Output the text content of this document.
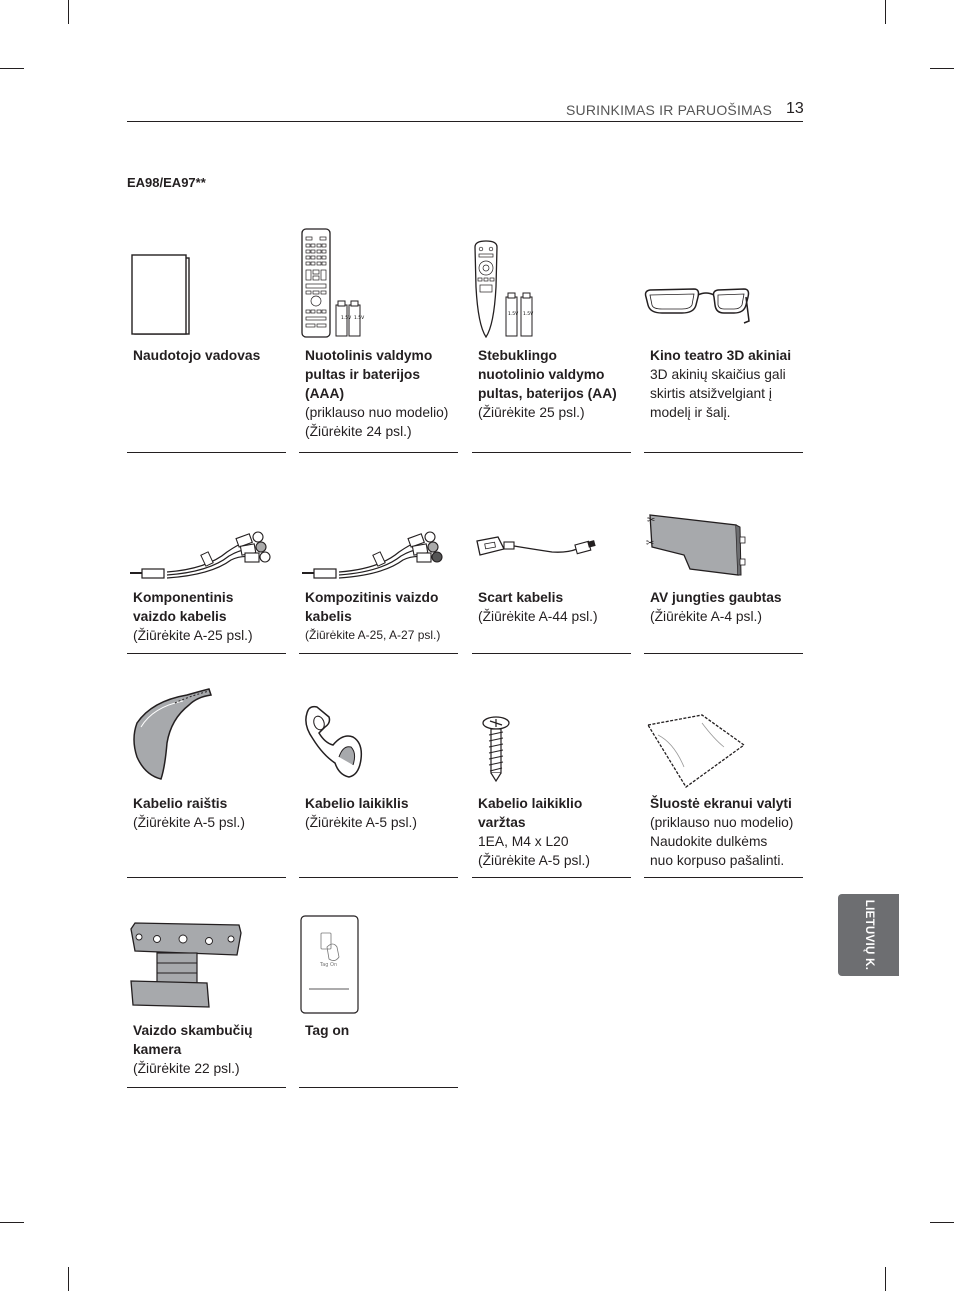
SURINKIMAS IR PARUOŠIMAS 13
EA98/EA97**
Naudotojo vadovas
1.5V 1.5V
Nuotolinis valdymo
pultas ir baterijos
(AAA)
(priklauso nuo modelio)
(Žiūrėkite 24 psl.)
1.5V 1.5V
Stebuklingo
nuotolinio valdymo
pultas, baterijos (AA)
(Žiūrėkite 25 psl.)
Kino teatro 3D akiniai
3D akinių skaičius gali
skirtis atsižvelgiant į
modelį ir šalį.
Komponentinis
vaizdo kabelis
(Žiūrėkite A-25 psl.)
Kompozitinis vaizdo
kabelis
(Žiūrėkite A-25, A-27 psl.)
Scart kabelis
(Žiūrėkite A-44 psl.)
✂
✂
AV jungties gaubtas
(Žiūrėkite A-4 psl.)
Kabelio raištis
(Žiūrėkite A-5 psl.)
Kabelio laikiklis
(Žiūrėkite A-5 psl.)
Kabelio laikiklio
varžtas
1EA, M4 x L20
(Žiūrėkite A-5 psl.)
Šluostė ekranui valyti
(priklauso nuo modelio)
Naudokite dulkėms
nuo korpuso pašalinti.
Vaizdo skambučių
kamera
(Žiūrėkite 22 psl.)
Tag On
Tag on
LIETUVIŲ K.
